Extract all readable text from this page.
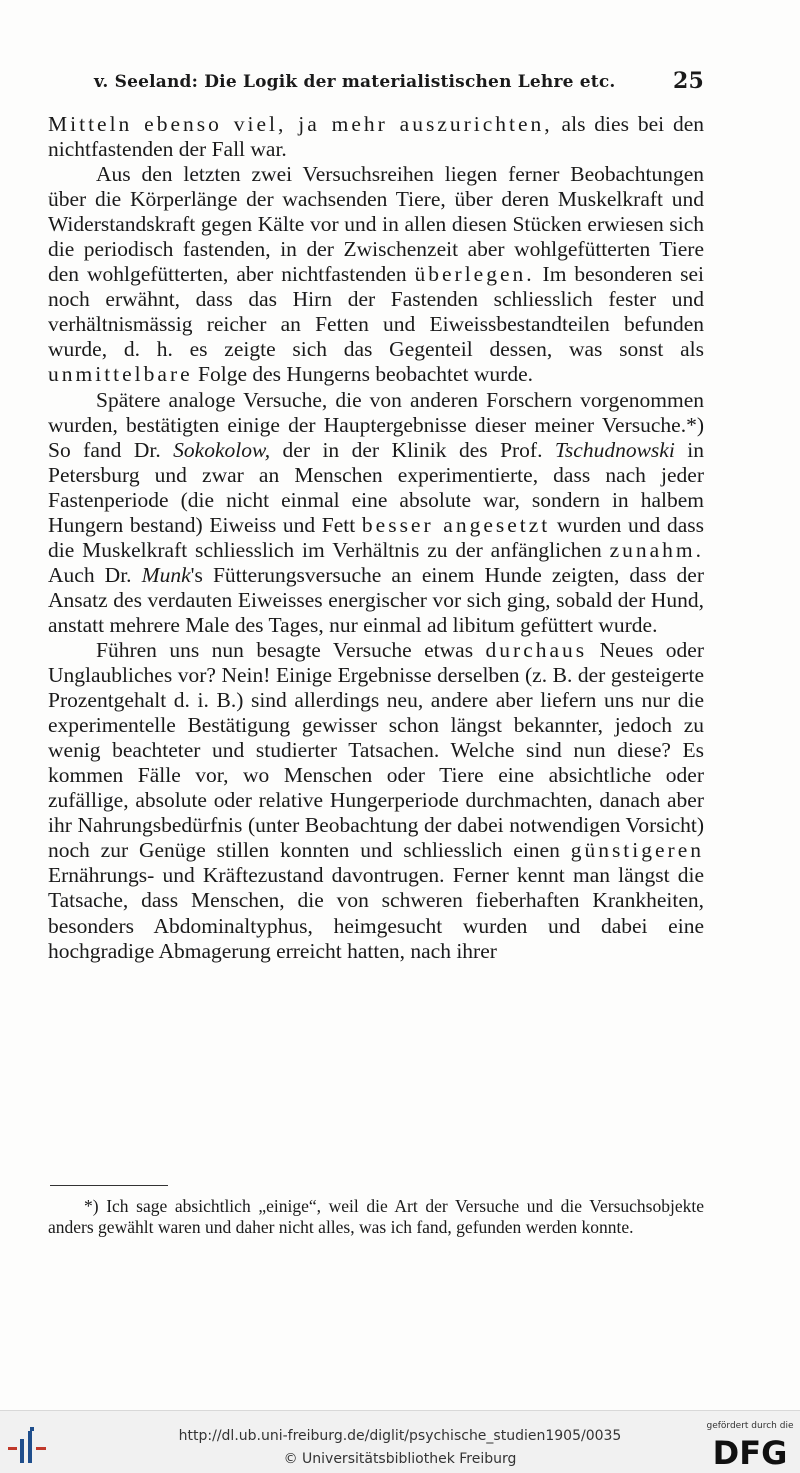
v. Seeland: Die Logik der materialistischen Lehre etc.	25

Mitteln ebenso viel, ja mehr auszurichten, als dies bei den nichtfastenden der Fall war.

Aus den letzten zwei Versuchsreihen liegen ferner Beobachtungen über die Körperlänge der wachsenden Tiere, über deren Muskelkraft und Widerstandskraft gegen Kälte vor und in allen diesen Stücken erwiesen sich die periodisch fastenden, in der Zwischenzeit aber wohlgefütterten Tiere den wohlgefütterten, aber nichtfastenden überlegen. Im besonderen sei noch erwähnt, dass das Hirn der Fastenden schliesslich fester und verhältnismässig reicher an Fetten und Eiweissbestandteilen befunden wurde, d. h. es zeigte sich das Gegenteil dessen, was sonst als unmittelbare Folge des Hungerns beobachtet wurde.

Spätere analoge Versuche, die von anderen Forschern vorgenommen wurden, bestätigten einige der Hauptergebnisse dieser meiner Versuche.*) So fand Dr. Sokokolow, der in der Klinik des Prof. Tschudnowski in Petersburg und zwar an Menschen experimentierte, dass nach jeder Fastenperiode (die nicht einmal eine absolute war, sondern in halbem Hungern bestand) Eiweiss und Fett besser angesetzt wurden und dass die Muskelkraft schliesslich im Verhältnis zu der anfänglichen zunahm. Auch Dr. Munk's Fütterungsversuche an einem Hunde zeigten, dass der Ansatz des verdauten Eiweisses energischer vor sich ging, sobald der Hund, anstatt mehrere Male des Tages, nur einmal ad libitum gefüttert wurde.

Führen uns nun besagte Versuche etwas durchaus Neues oder Unglaubliches vor? Nein! Einige Ergebnisse derselben (z. B. der gesteigerte Prozentgehalt d. i. B.) sind allerdings neu, andere aber liefern uns nur die experimentelle Bestätigung gewisser schon längst bekannter, jedoch zu wenig beachteter und studierter Tatsachen. Welche sind nun diese? Es kommen Fälle vor, wo Menschen oder Tiere eine absichtliche oder zufällige, absolute oder relative Hungerperiode durchmachten, danach aber ihr Nahrungsbedürfnis (unter Beobachtung der dabei notwendigen Vorsicht) noch zur Genüge stillen konnten und schliesslich einen günstigeren Ernährungs- und Kräftezustand davontrugen. Ferner kennt man längst die Tatsache, dass Menschen, die von schweren fieberhaften Krankheiten, besonders Abdominaltyphus, heimgesucht wurden und dabei eine hochgradige Abmagerung erreicht hatten, nach ihrer

*) Ich sage absichtlich „einige“, weil die Art der Versuche und die Versuchsobjekte anders gewählt waren und daher nicht alles, was ich fand, gefunden werden konnte.

http://dl.ub.uni-freiburg.de/diglit/psychische_studien1905/0035
© Universitätsbibliothek Freiburg
gefördert durch die
DFG
